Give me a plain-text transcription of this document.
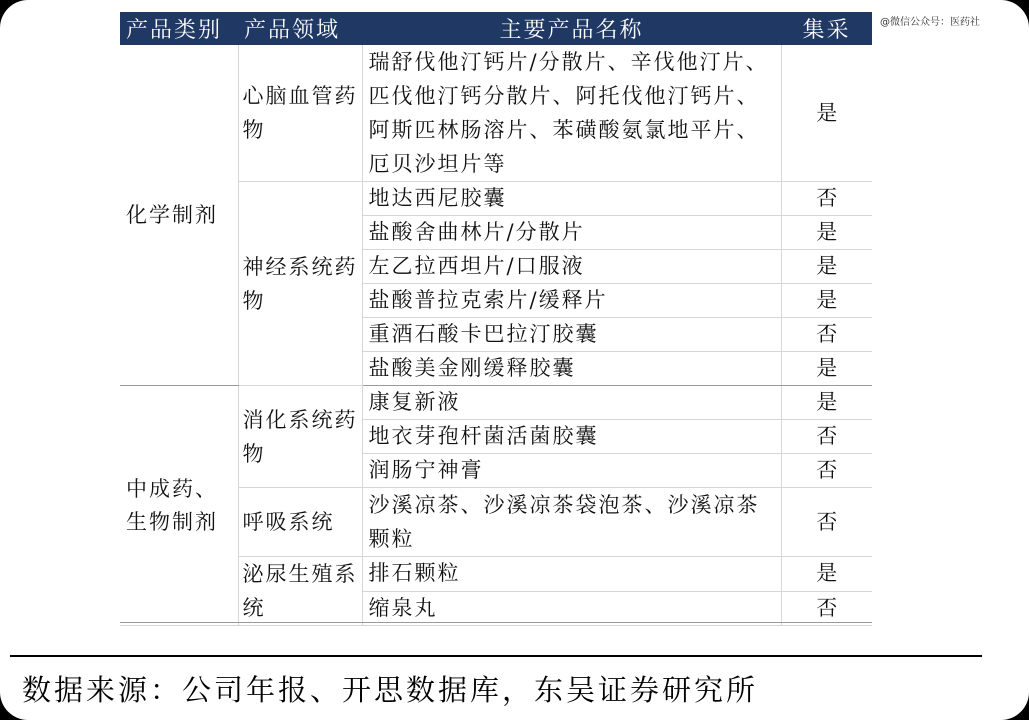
@微信公众号：医药社
产品类别	产品领域	主要产品名称	集采
化学制剂	心脑血管药物	瑞舒伐他汀钙片/分散片、辛伐他汀片、匹伐他汀钙分散片、阿托伐他汀钙片、阿斯匹林肠溶片、苯磺酸氨氯地平片、厄贝沙坦片等	是
	神经系统药物	地达西尼胶囊	否
		盐酸舍曲林片/分散片	是
		左乙拉西坦片/口服液	是
		盐酸普拉克索片/缓释片	是
		重酒石酸卡巴拉汀胶囊	否
		盐酸美金刚缓释胶囊	是
中成药、生物制剂	消化系统药物	康复新液	是
		地衣芽孢杆菌活菌胶囊	否
		润肠宁神膏	否
	呼吸系统	沙溪凉茶、沙溪凉茶袋泡茶、沙溪凉茶颗粒	否
	泌尿生殖系统	排石颗粒	是
		缩泉丸	否
数据来源：公司年报、开思数据库，东吴证券研究所
